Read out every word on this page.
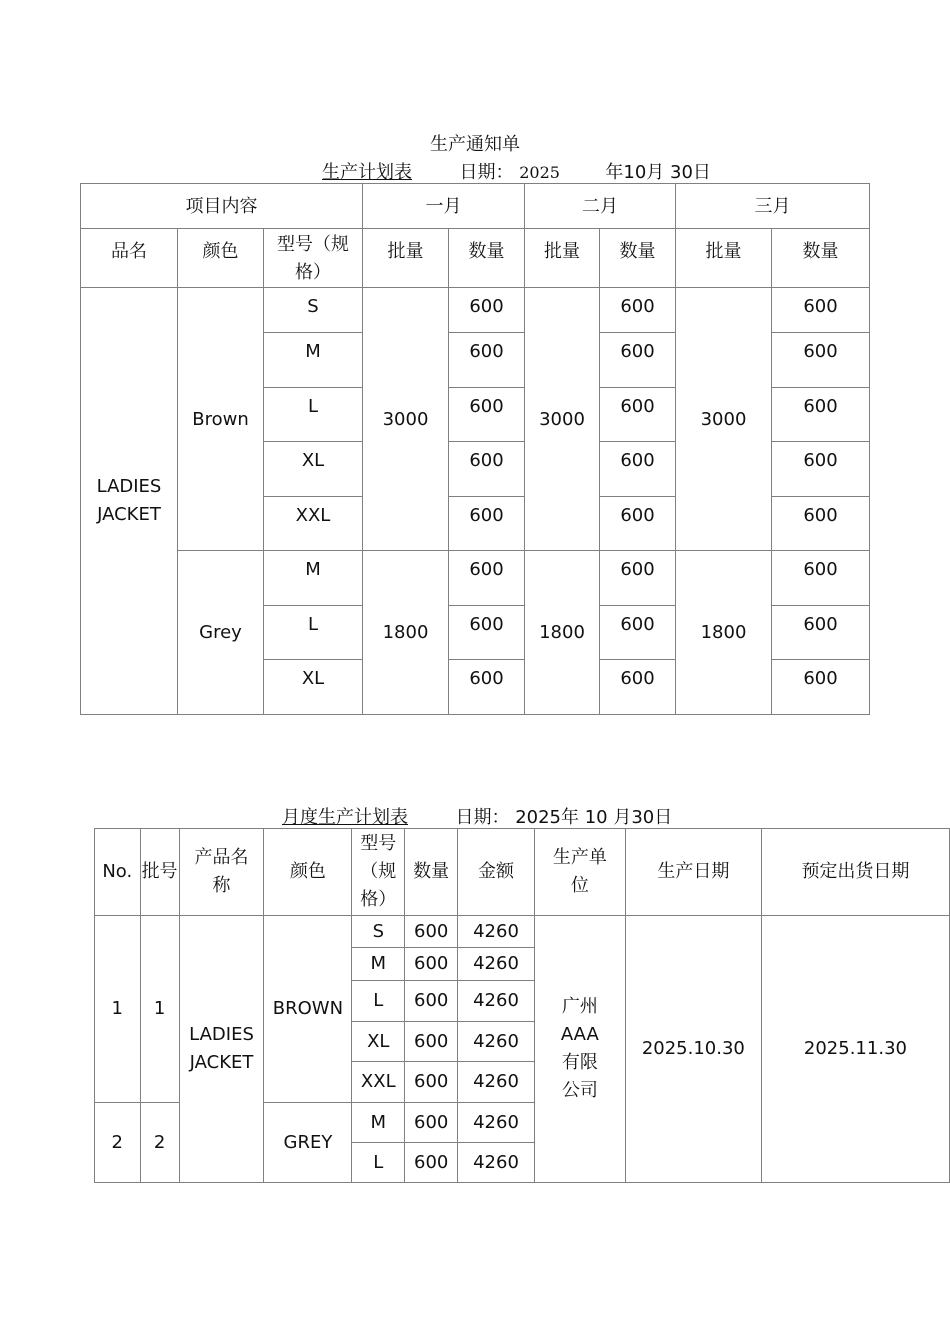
生产通知单
生产计划表	日期： 2025	年10月 30日
项目内容			一月		二月		三月	
品名	颜色	型号（规格）	批量	数量	批量	数量	批量	数量
LADIES JACKET	Brown	S	3000	600	3000	600	3000	600
		M		600		600		600
		L		600		600		600
		XL		600		600		600
		XXL		600		600		600
	Grey	M	1800	600	1800	600	1800	600
		L		600		600		600
		XL		600		600		600
月度生产计划表	日期： 2025年 10 月30日
No.	批号	产品名称	颜色	型号（规格）	数量	金额	生产单位	生产日期	预定出货日期
1	1	LADIES JACKET	BROWN	S	600	4260	广州AAA有限公司	2025.10.30	2025.11.30
				M	600	4260			
				L	600	4260			
				XL	600	4260			
				XXL	600	4260			
2	2		GREY	M	600	4260			
				L	600	4260			
